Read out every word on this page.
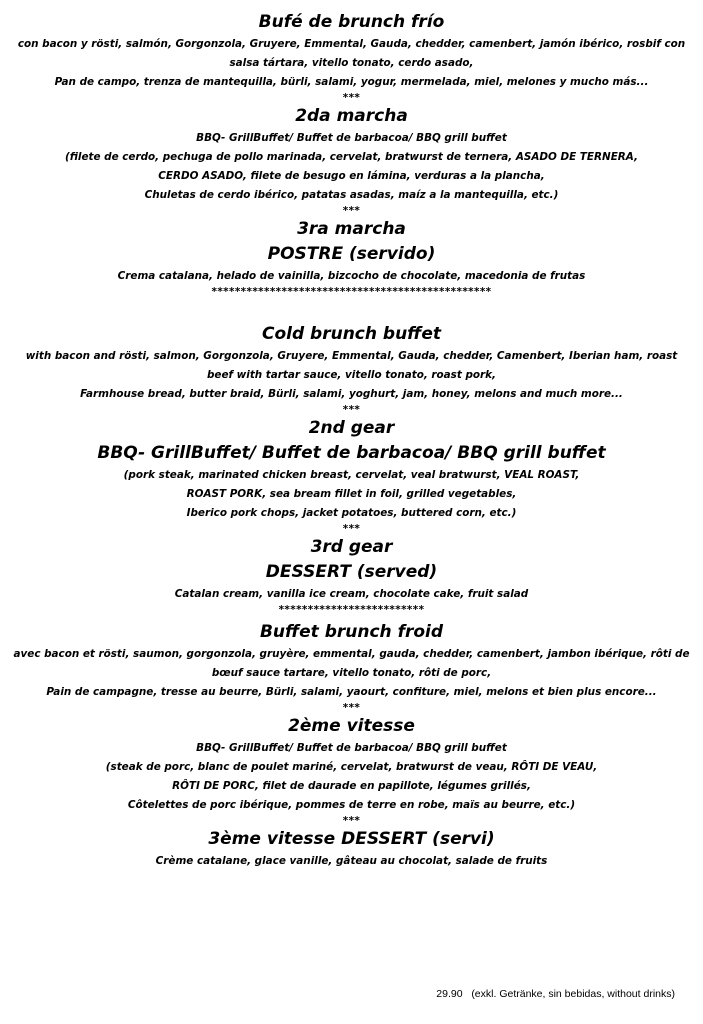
Bufé de brunch frío
con bacon y rösti, salmón, Gorgonzola, Gruyere, Emmental, Gauda, chedder, camenbert, jamón ibérico, rosbif con
salsa tártara, vitello tonato, cerdo asado,
Pan de campo, trenza de mantequilla, bürli, salami, yogur, mermelada, miel, melones y mucho más...
***
2da marcha
BBQ- GrillBuffet/ Buffet de barbacoa/ BBQ grill buffet
(filete de cerdo, pechuga de pollo marinada, cervelat, bratwurst de ternera, ASADO DE TERNERA,
CERDO ASADO, filete de besugo en lámina, verduras a la plancha,
Chuletas de cerdo ibérico, patatas asadas, maíz a la mantequilla, etc.)
***
3ra marcha
POSTRE (servido)
Crema catalana, helado de vainilla, bizcocho de chocolate, macedonia de frutas
************************************************
Cold brunch buffet
with bacon and rösti, salmon, Gorgonzola, Gruyere, Emmental, Gauda, chedder, Camenbert, Iberian ham, roast
beef with tartar sauce, vitello tonato, roast pork,
Farmhouse bread, butter braid, Bürli, salami, yoghurt, jam, honey, melons and much more...
***
2nd gear
BBQ- GrillBuffet/ Buffet de barbacoa/ BBQ grill buffet
(pork steak, marinated chicken breast, cervelat, veal bratwurst, VEAL ROAST,
ROAST PORK, sea bream fillet in foil, grilled vegetables,
Iberico pork chops, jacket potatoes, buttered corn, etc.)
***
3rd gear
DESSERT (served)
Catalan cream, vanilla ice cream, chocolate cake, fruit salad
*************************
Buffet brunch froid
avec bacon et rösti, saumon, gorgonzola, gruyère, emmental, gauda, chedder, camenbert, jambon ibérique, rôti de
bœuf sauce tartare, vitello tonato, rôti de porc,
Pain de campagne, tresse au beurre, Bürli, salami, yaourt, confiture, miel, melons et bien plus encore...
***
2ème vitesse
BBQ- GrillBuffet/ Buffet de barbacoa/ BBQ grill buffet
(steak de porc, blanc de poulet mariné, cervelat, bratwurst de veau, RÔTI DE VEAU,
RÔTI DE PORC, filet de daurade en papillote, légumes grillés,
Côtelettes de porc ibérique, pommes de terre en robe, maïs au beurre, etc.)
***
3ème vitesse DESSERT (servi)
Crème catalane, glace vanille, gâteau au chocolat, salade de fruits
29.90 (exkl. Getränke, sin bebidas, without drinks)
